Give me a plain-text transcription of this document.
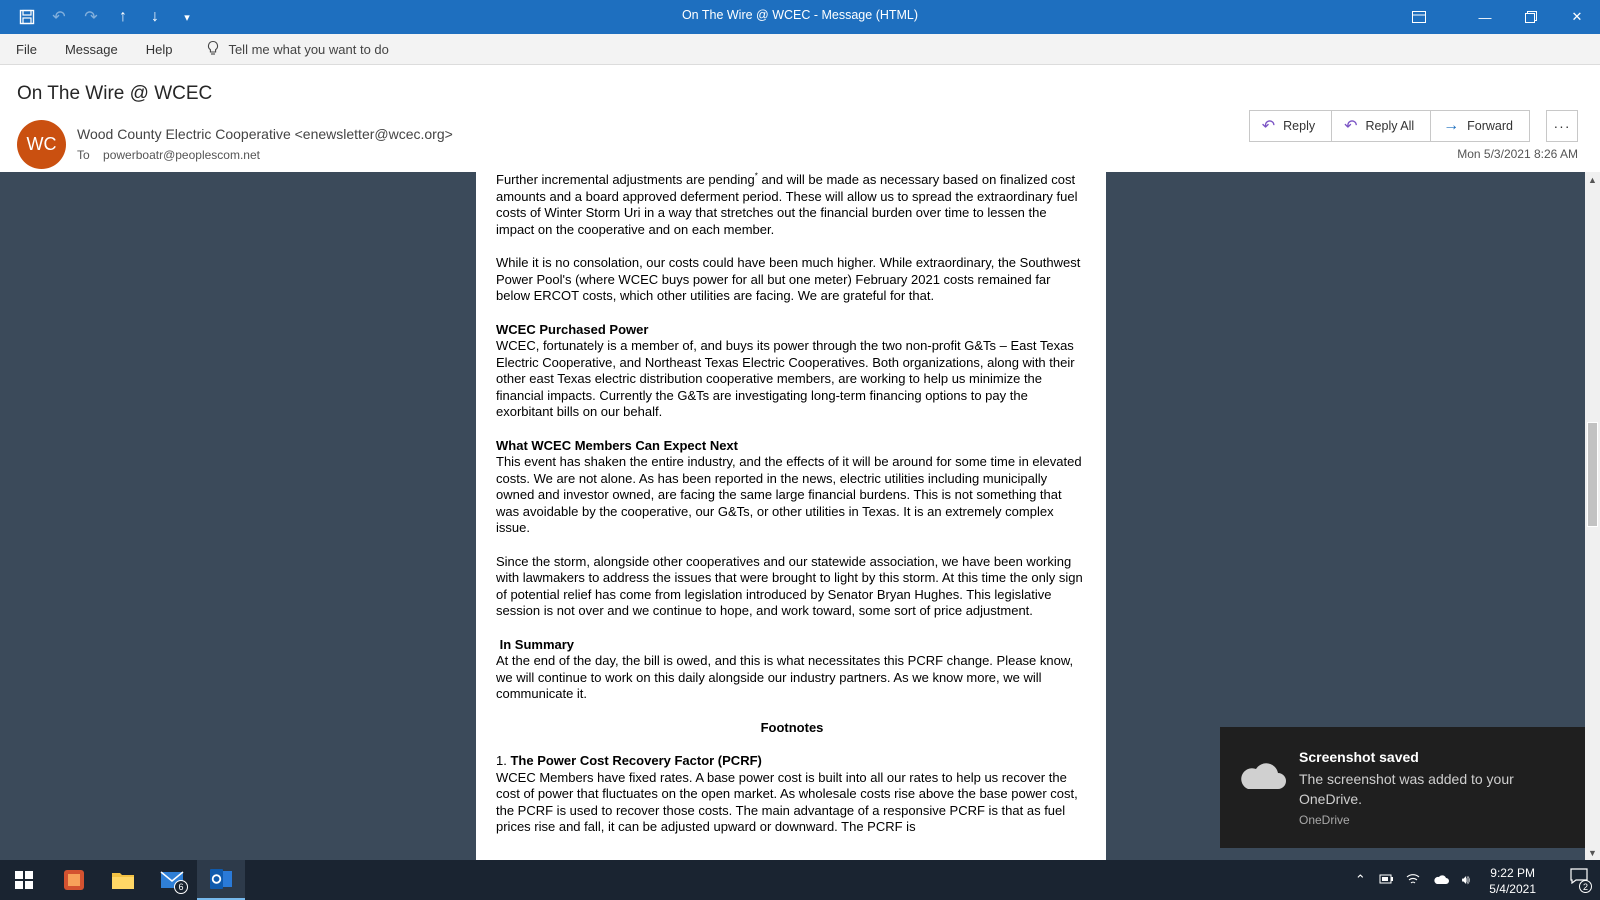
↶ ↷	↑	↓	▾	On The Wire @ WCEC - Message (HTML)	—	✕
File	Message	Help	Tell me what you want to do
On The Wire @ WCEC
WC	Wood County Electric Cooperative <enewsletter@wcec.org>
To powerboatr@peoplescom.net
↶ Reply ↶ Reply All → Forward	···
Mon 5/3/2021 8:26 AM

Further incremental adjustments are pending* and will be made as necessary based on finalized cost amounts and a board approved deferment period. These will allow us to spread the extraordinary fuel costs of Winter Storm Uri in a way that stretches out the financial burden over time to lessen the impact on the cooperative and on each member.

While it is no consolation, our costs could have been much higher. While extraordinary, the Southwest Power Pool's (where WCEC buys power for all but one meter) February 2021 costs remained far below ERCOT costs, which other utilities are facing. We are grateful for that.

WCEC Purchased Power
WCEC, fortunately is a member of, and buys its power through the two non-profit G&Ts – East Texas Electric Cooperative, and Northeast Texas Electric Cooperatives. Both organizations, along with their other east Texas electric distribution cooperative members, are working to help us minimize the financial impacts. Currently the G&Ts are investigating long-term financing options to pay the exorbitant bills on our behalf.

What WCEC Members Can Expect Next
This event has shaken the entire industry, and the effects of it will be around for some time in elevated costs. We are not alone. As has been reported in the news, electric utilities including municipally owned and investor owned, are facing the same large financial burdens. This is not something that was avoidable by the cooperative, our G&Ts, or other utilities in Texas. It is an extremely complex issue.

Since the storm, alongside other cooperatives and our statewide association, we have been working with lawmakers to address the issues that were brought to light by this storm. At this time the only sign of potential relief has come from legislation introduced by Senator Bryan Hughes. This legislative session is not over and we continue to hope, and work toward, some sort of price adjustment.

In Summary
At the end of the day, the bill is owed, and this is what necessitates this PCRF change. Please know, we will continue to work on this daily alongside our industry partners. As we know more, we will communicate it.

Footnotes

1. The Power Cost Recovery Factor (PCRF)
WCEC Members have fixed rates. A base power cost is built into all our rates to help us recover the cost of power that fluctuates on the open market. As wholesale costs rise above the base power cost, the PCRF is used to recover those costs. The main advantage of a responsive PCRF is that as fuel prices rise and fall, it can be adjusted upward or downward. The PCRF is

▲
▼
Screenshot saved
The screenshot was added to your OneDrive.
OneDrive
6	⌃	🔊︎ 9:22 PM
5/4/2021	2
